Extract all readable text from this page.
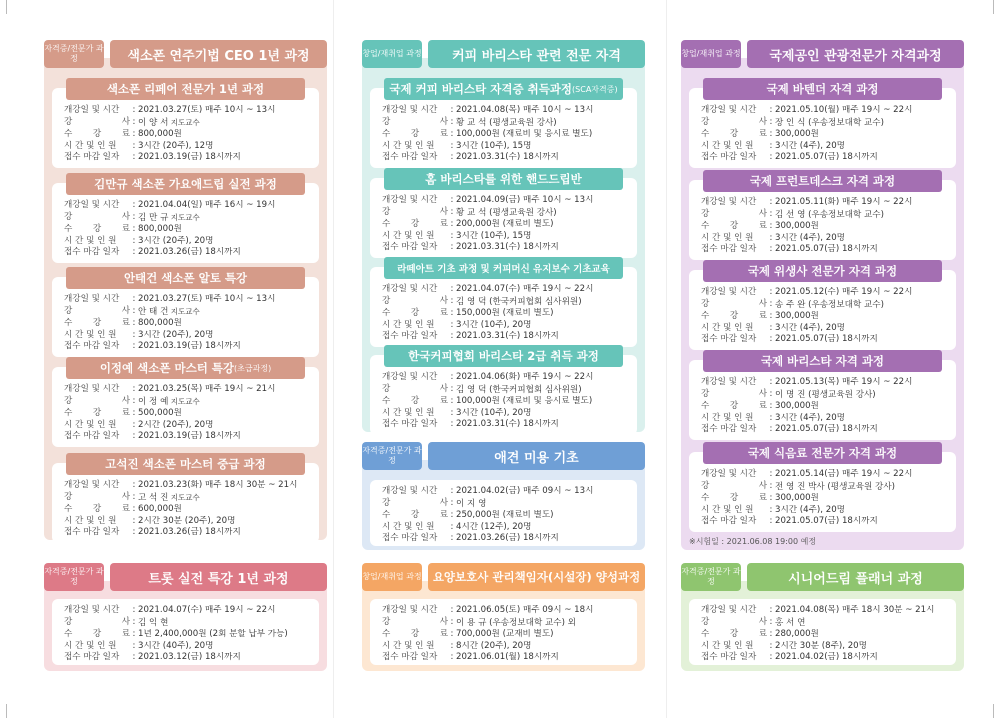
자격증/전문가 과정	색소폰 연주기법 CEO 1년 과정
색소폰 리페어 전문가 1년 과정
개강일 및 시간 : 2021.03.27(토) 매주 10시 ~ 13시
강	사 : 이 양 서 지도교수
수 강 료 : 800,000원
시 간 및 인 원 : 3시간 (20주), 12명
접수 마감 일자 : 2021.03.19(금) 18시까지
김만규 색소폰 가요애드립 실전 과정
개강일 및 시간 : 2021.04.04(일) 매주 16시 ~ 19시
강	사 : 김 만 규 지도교수
수 강 료 : 800,000원
시 간 및 인 원 : 3시간 (20주), 20명
접수 마감 일자 : 2021.03.26(금) 18시까지
안태건 색소폰 알토 특강
개강일 및 시간 : 2021.03.27(토) 매주 10시 ~ 13시
강	사 : 안 태 건 지도교수
수 강 료 : 800,000원
시 간 및 인 원 : 3시간 (20주), 20명
접수 마감 일자 : 2021.03.19(금) 18시까지
이정예 색소폰 마스터 특강 (초급과정)
개강일 및 시간 : 2021.03.25(목) 매주 19시 ~ 21시
강	사 : 이 정 예 지도교수
수 강 료 : 500,000원
시 간 및 인 원 : 2시간 (20주), 20명
접수 마감 일자 : 2021.03.19(금) 18시까지
고석진 색소폰 마스터 중급 과정
개강일 및 시간 : 2021.03.23(화) 매주 18시 30분 ~ 21시
강	사 : 고 석 진 지도교수
수 강 료 : 600,000원
시 간 및 인 원 : 2시간 30분 (20주), 20명
접수 마감 일자 : 2021.03.26(금) 18시까지
자격증/전문가 과정	트롯 실전 특강 1년 과정
개강일 및 시간 : 2021.04.07(수) 매주 19시 ~ 22시
강	사 : 김 익 현
수 강 료 : 1년 2,400,000원 (2회 분할 납부 가능)
시 간 및 인 원 : 3시간 (40주), 20명
접수 마감 일자 : 2021.03.12(금) 18시까지
창업/재취업 과정	커피 바리스타 관련 전문 자격
국제 커피 바리스타 자격증 취득과정 (SCA자격증)
개강일 및 시간 : 2021.04.08(목) 매주 10시 ~ 13시
강	사 : 황 교 석 (평생교육원 강사)
수 강 료 : 100,000원 (재료비 및 응시료 별도)
시 간 및 인 원 : 3시간 (10주), 15명
접수 마감 일자 : 2021.03.31(수) 18시까지
홈 바리스타를 위한 핸드드립반
개강일 및 시간 : 2021.04.09(금) 매주 10시 ~ 13시
강	사 : 황 교 석 (평생교육원 강사)
수 강 료 : 200,000원 (재료비 별도)
시 간 및 인 원 : 3시간 (10주), 15명
접수 마감 일자 : 2021.03.31(수) 18시까지
라떼아트 기초 과정 및 커피머신 유지보수 기초교육
개강일 및 시간 : 2021.04.07(수) 매주 19시 ~ 22시
강	사 : 김 영 덕 (한국커피협회 심사위원)
수 강 료 : 150,000원 (재료비 별도)
시 간 및 인 원 : 3시간 (10주), 20명
접수 마감 일자 : 2021.03.31(수) 18시까지
한국커피협회 바리스타 2급 취득 과정
개강일 및 시간 : 2021.04.06(화) 매주 19시 ~ 22시
강	사 : 김 영 덕 (한국커피협회 심사위원)
수 강 료 : 100,000원 (재료비 및 응시료 별도)
시 간 및 인 원 : 3시간 (10주), 20명
접수 마감 일자 : 2021.03.31(수) 18시까지
자격증/전문가 과정	애견 미용 기초
개강일 및 시간 : 2021.04.02(금) 매주 09시 ~ 13시
강	사 : 이 지 영
수 강 료 : 250,000원 (재료비 별도)
시 간 및 인 원 : 4시간 (12주), 20명
접수 마감 일자 : 2021.03.26(금) 18시까지
창업/재취업 과정 요양보호사 관리책임자(시설장) 양성과정
개강일 및 시간 : 2021.06.05(토) 매주 09시 ~ 18시
강	사 : 이 용 규 (우송정보대학 교수) 외
수 강 료 : 700,000원 (교재비 별도)
시 간 및 인 원 : 8시간 (20주), 20명
접수 마감 일자 : 2021.06.01(월) 18시까지
창업/재취업 과정	국제공인 관광전문가 자격과정
국제 바텐더 자격 과정
개강일 및 시간 : 2021.05.10(월) 매주 19시 ~ 22시
강	사 : 장 인 식 (우송정보대학 교수)
수 강 료 : 300,000원
시 간 및 인 원 : 3시간 (4주), 20명
접수 마감 일자 : 2021.05.07(금) 18시까지
국제 프런트데스크 자격 과정
개강일 및 시간 : 2021.05.11(화) 매주 19시 ~ 22시
강	사 : 김 선 영 (우송정보대학 교수)
수 강 료 : 300,000원
시 간 및 인 원 : 3시간 (4주), 20명
접수 마감 일자 : 2021.05.07(금) 18시까지
국제 위생사 전문가 자격 과정
개강일 및 시간 : 2021.05.12(수) 매주 19시 ~ 22시
강	사 : 송 주 완 (우송정보대학 교수)
수 강 료 : 300,000원
시 간 및 인 원 : 3시간 (4주), 20명
접수 마감 일자 : 2021.05.07(금) 18시까지
국제 바리스타 자격 과정
개강일 및 시간 : 2021.05.13(목) 매주 19시 ~ 22시
강	사 : 이 명 진 (평생교육원 강사)
수 강 료 : 300,000원
시 간 및 인 원 : 3시간 (4주), 20명
접수 마감 일자 : 2021.05.07(금) 18시까지
국제 식음료 전문가 자격 과정
개강일 및 시간 : 2021.05.14(금) 매주 19시 ~ 22시
강	사 : 전 영 진 박사 (평생교육원 강사)
수 강 료 : 300,000원
시 간 및 인 원 : 3시간 (4주), 20명
접수 마감 일자 : 2021.05.07(금) 18시까지
※시험일 : 2021.06.08 19:00 예정
자격증/전문가 과정	시니어드림 플래너 과정
개강일 및 시간 : 2021.04.08(목) 매주 18시 30분 ~ 21시
강	사 : 홍 서 연
수 강 료 : 280,000원
시 간 및 인 원 : 2시간 30분 (8주), 20명
접수 마감 일자 : 2021.04.02(금) 18시까지
